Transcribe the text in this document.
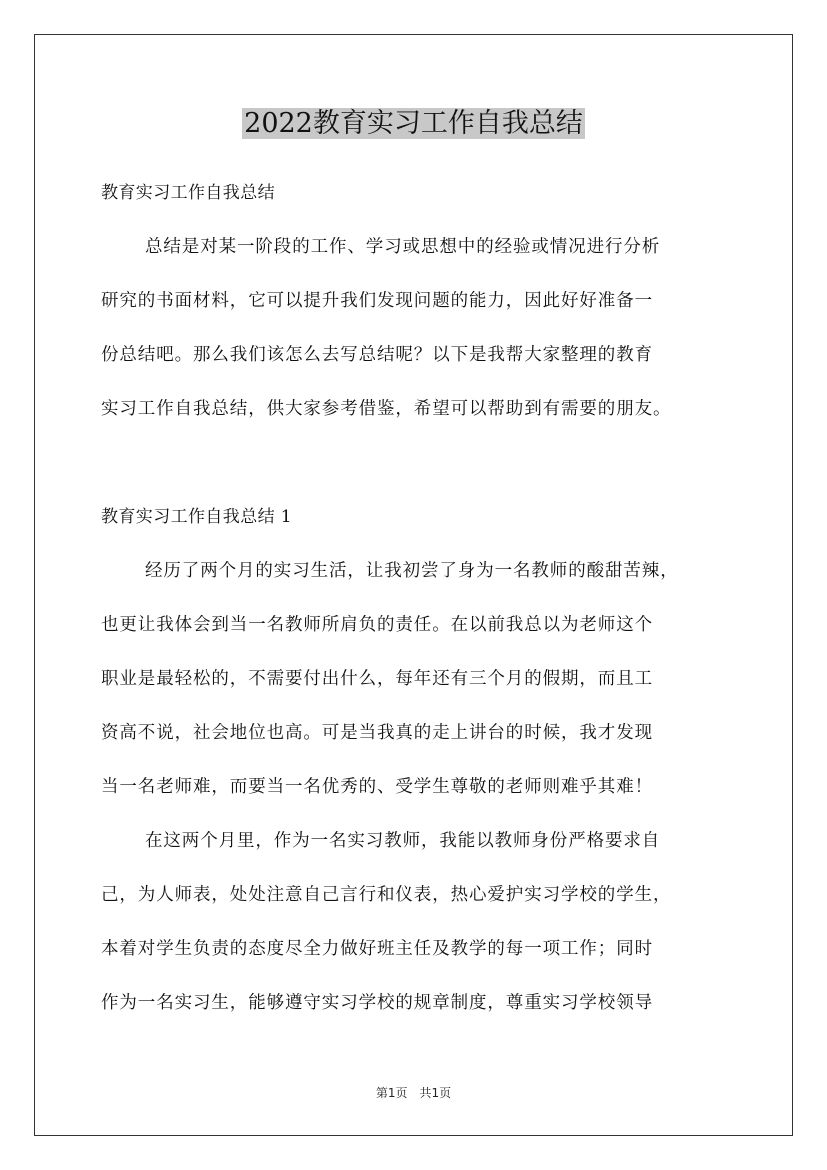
2022教育实习工作自我总结
教育实习工作自我总结
总结是对某一阶段的工作、学习或思想中的经验或情况进行分析
研究的书面材料，它可以提升我们发现问题的能力，因此好好准备一
份总结吧。那么我们该怎么去写总结呢？以下是我帮大家整理的教育
实习工作自我总结，供大家参考借鉴，希望可以帮助到有需要的朋友。
教育实习工作自我总结 1
经历了两个月的实习生活，让我初尝了身为一名教师的酸甜苦辣，
也更让我体会到当一名教师所肩负的责任。在以前我总以为老师这个
职业是最轻松的，不需要付出什么，每年还有三个月的假期，而且工
资高不说，社会地位也高。可是当我真的走上讲台的时候，我才发现
当一名老师难，而要当一名优秀的、受学生尊敬的老师则难乎其难！
在这两个月里，作为一名实习教师，我能以教师身份严格要求自
己，为人师表，处处注意自己言行和仪表，热心爱护实习学校的学生，
本着对学生负责的态度尽全力做好班主任及教学的每一项工作；同时
作为一名实习生，能够遵守实习学校的规章制度，尊重实习学校领导
第1页　共1页
